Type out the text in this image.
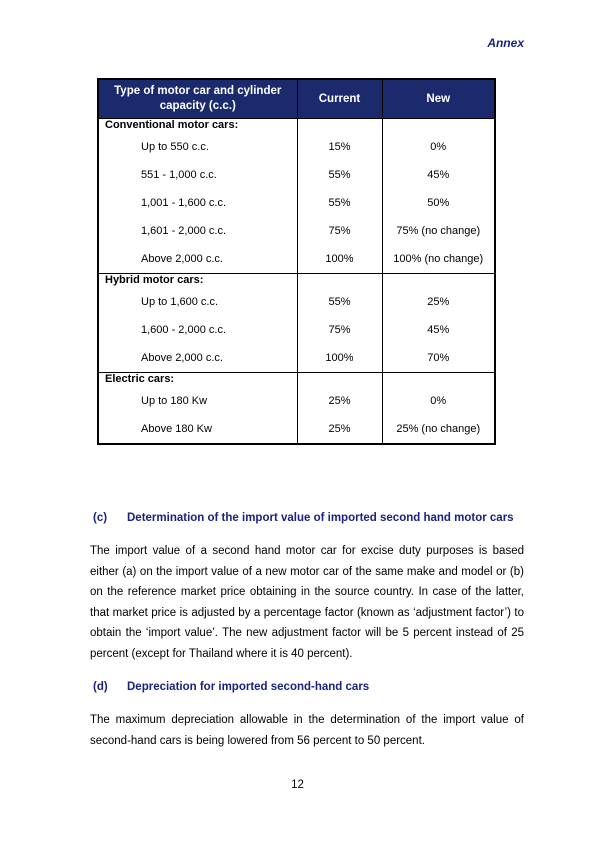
Annex
Type of motor car and cylinder capacity (c.c.)	Current	New
Conventional motor cars:		
Up to 550 c.c.	15%	0%
551 - 1,000 c.c.	55%	45%
1,001 - 1,600 c.c.	55%	50%
1,601 - 2,000 c.c.	75%	75% (no change)
Above 2,000 c.c.	100%	100% (no change)
Hybrid motor cars:		
Up to 1,600 c.c.	55%	25%
1,600 - 2,000 c.c.	75%	45%
Above 2,000 c.c.	100%	70%
Electric cars:		
Up to 180 Kw	25%	0%
Above 180 Kw	25%	25% (no change)
(c) Determination of the import value of imported second hand motor cars
The import value of a second hand motor car for excise duty purposes is based either (a) on the import value of a new motor car of the same make and model or (b) on the reference market price obtaining in the source country. In case of the latter, that market price is adjusted by a percentage factor (known as ‘adjustment factor’) to obtain the ‘import value’. The new adjustment factor will be 5 percent instead of 25 percent (except for Thailand where it is 40 percent).
(d) Depreciation for imported second-hand cars
The maximum depreciation allowable in the determination of the import value of second-hand cars is being lowered from 56 percent to 50 percent.
12
